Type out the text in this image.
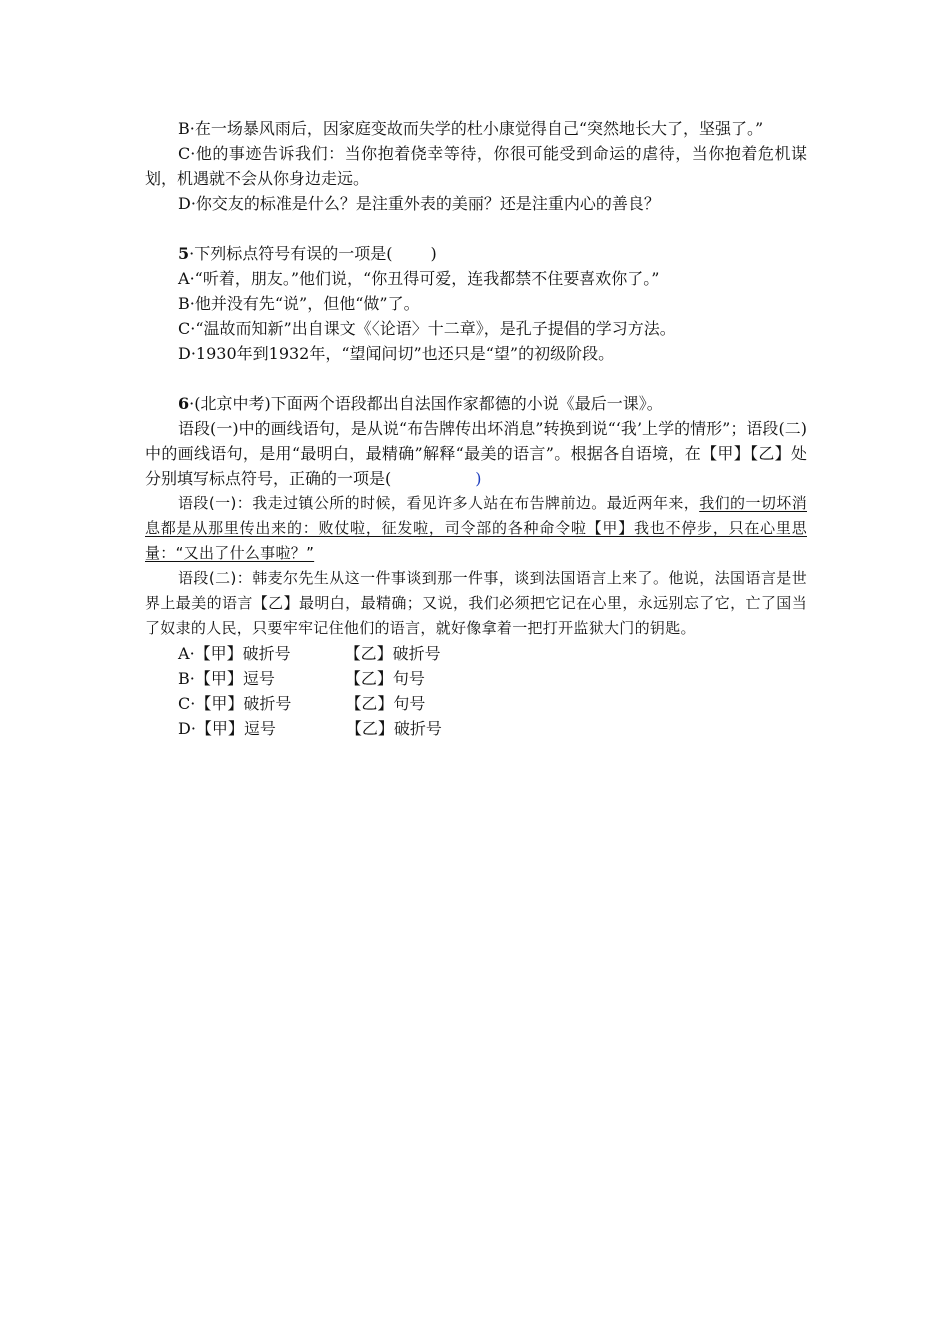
B·在一场暴风雨后，因家庭变故而失学的杜小康觉得自己“突然地长大了，坚强了。”
C·他的事迹告诉我们：当你抱着侥幸等待，你很可能受到命运的虐待，当你抱着危机谋划，机遇就不会从你身边走远。
D·你交友的标准是什么？是注重外表的美丽？还是注重内心的善良？
5·下列标点符号有误的一项是( )
A·“听着，朋友。”他们说，“你丑得可爱，连我都禁不住要喜欢你了。”
B·他并没有先“说”，但他“做”了。
C·“温故而知新”出自课文《〈论语〉十二章》，是孔子提倡的学习方法。
D·1930年到1932年，“望闻问切”也还只是“望”的初级阶段。
6·(北京中考)下面两个语段都出自法国作家都德的小说《最后一课》。
语段(一)中的画线语句，是从说“布告牌传出坏消息”转换到说“‘我’上学的情形”；语段(二)中的画线语句，是用“最明白，最精确”解释“最美的语言”。根据各自语境，在【甲】【乙】处分别填写标点符号，正确的一项是(	)
语段(一)：我走过镇公所的时候，看见许多人站在布告牌前边。最近两年来，我们的一切坏消息都是从那里传出来的：败仗啦，征发啦，司令部的各种命令啦【甲】我也不停步，只在心里思量：“又出了什么事啦？”
语段(二)：韩麦尔先生从这一件事谈到那一件事，谈到法国语言上来了。他说，法国语言是世界上最美的语言【乙】最明白，最精确；又说，我们必须把它记在心里，永远别忘了它，亡了国当了奴隶的人民，只要牢牢记住他们的语言，就好像拿着一把打开监狱大门的钥匙。
A·【甲】破折号	【乙】破折号
B·【甲】逗号	【乙】句号
C·【甲】破折号	【乙】句号
D·【甲】逗号	【乙】破折号
